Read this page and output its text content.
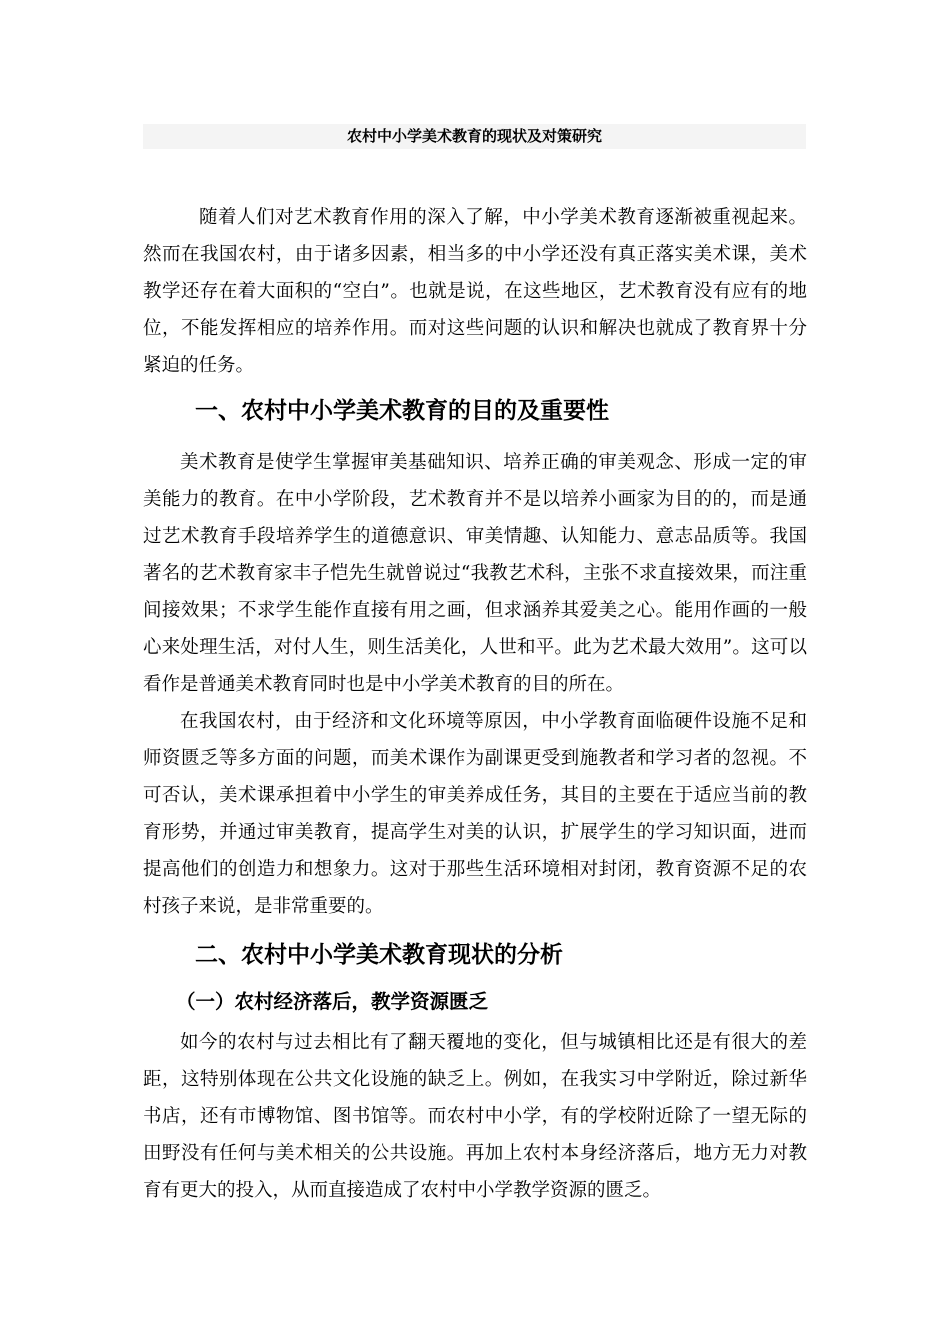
农村中小学美术教育的现状及对策研究

　随着人们对艺术教育作用的深入了解，中小学美术教育逐渐被重视起来。然而在我国农村，由于诸多因素，相当多的中小学还没有真正落实美术课，美术教学还存在着大面积的“空白”。也就是说，在这些地区，艺术教育没有应有的地位，不能发挥相应的培养作用。而对这些问题的认识和解决也就成了教育界十分紧迫的任务。

一、农村中小学美术教育的目的及重要性

美术教育是使学生掌握审美基础知识、培养正确的审美观念、形成一定的审美能力的教育。在中小学阶段，艺术教育并不是以培养小画家为目的的，而是通过艺术教育手段培养学生的道德意识、审美情趣、认知能力、意志品质等。我国著名的艺术教育家丰子恺先生就曾说过“我教艺术科，主张不求直接效果，而注重间接效果；不求学生能作直接有用之画，但求涵养其爱美之心。能用作画的一般心来处理生活，对付人生，则生活美化，人世和平。此为艺术最大效用”。这可以看作是普通美术教育同时也是中小学美术教育的目的所在。

在我国农村，由于经济和文化环境等原因，中小学教育面临硬件设施不足和师资匮乏等多方面的问题，而美术课作为副课更受到施教者和学习者的忽视。不可否认，美术课承担着中小学生的审美养成任务，其目的主要在于适应当前的教育形势，并通过审美教育，提高学生对美的认识，扩展学生的学习知识面，进而提高他们的创造力和想象力。这对于那些生活环境相对封闭，教育资源不足的农村孩子来说，是非常重要的。

二、农村中小学美术教育现状的分析
（一）农村经济落后，教学资源匮乏

如今的农村与过去相比有了翻天覆地的变化，但与城镇相比还是有很大的差距，这特别体现在公共文化设施的缺乏上。例如，在我实习中学附近，除过新华书店，还有市博物馆、图书馆等。而农村中小学，有的学校附近除了一望无际的田野没有任何与美术相关的公共设施。再加上农村本身经济落后，地方无力对教育有更大的投入，从而直接造成了农村中小学教学资源的匮乏。
